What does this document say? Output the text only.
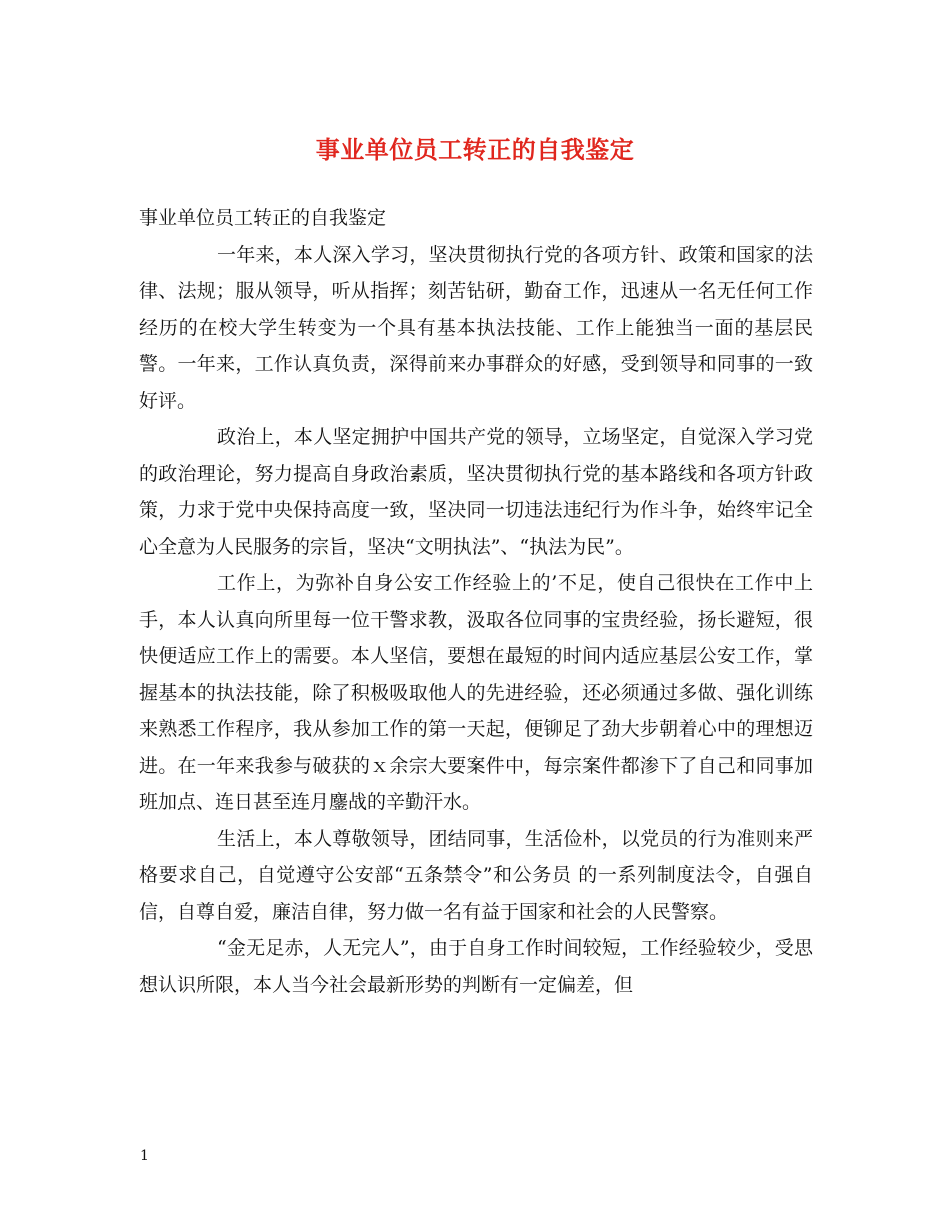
事业单位员工转正的自我鉴定

事业单位员工转正的自我鉴定

一年来，本人深入学习，坚决贯彻执行党的各项方针、政策和国家的法律、法规；服从领导，听从指挥；刻苦钻研，勤奋工作，迅速从一名无任何工作经历的在校大学生转变为一个具有基本执法技能、工作上能独当一面的基层民警。一年来，工作认真负责，深得前来办事群众的好感，受到领导和同事的一致好评。

政治上，本人坚定拥护中国共产党的领导，立场坚定，自觉深入学习党的政治理论，努力提高自身政治素质，坚决贯彻执行党的基本路线和各项方针政策，力求于党中央保持高度一致，坚决同一切违法违纪行为作斗争，始终牢记全心全意为人民服务的宗旨，坚决“文明执法”、“执法为民”。

工作上，为弥补自身公安工作经验上的’不足，使自己很快在工作中上手，本人认真向所里每一位干警求教，汲取各位同事的宝贵经验，扬长避短，很快便适应工作上的需要。本人坚信，要想在最短的时间内适应基层公安工作，掌握基本的执法技能，除了积极吸取他人的先进经验，还必须通过多做、强化训练来熟悉工作程序，我从参加工作的第一天起，便铆足了劲大步朝着心中的理想迈进。在一年来我参与破获的ｘ余宗大要案件中，每宗案件都渗下了自己和同事加班加点、连日甚至连月鏖战的辛勤汗水。

生活上，本人尊敬领导，团结同事，生活俭朴，以党员的行为准则来严格要求自己，自觉遵守公安部“五条禁令”和公务员 的一系列制度法令，自强自信，自尊自爱，廉洁自律，努力做一名有益于国家和社会的人民警察。

“金无足赤，人无完人”，由于自身工作时间较短，工作经验较少，受思想认识所限，本人当今社会最新形势的判断有一定偏差，但

1
